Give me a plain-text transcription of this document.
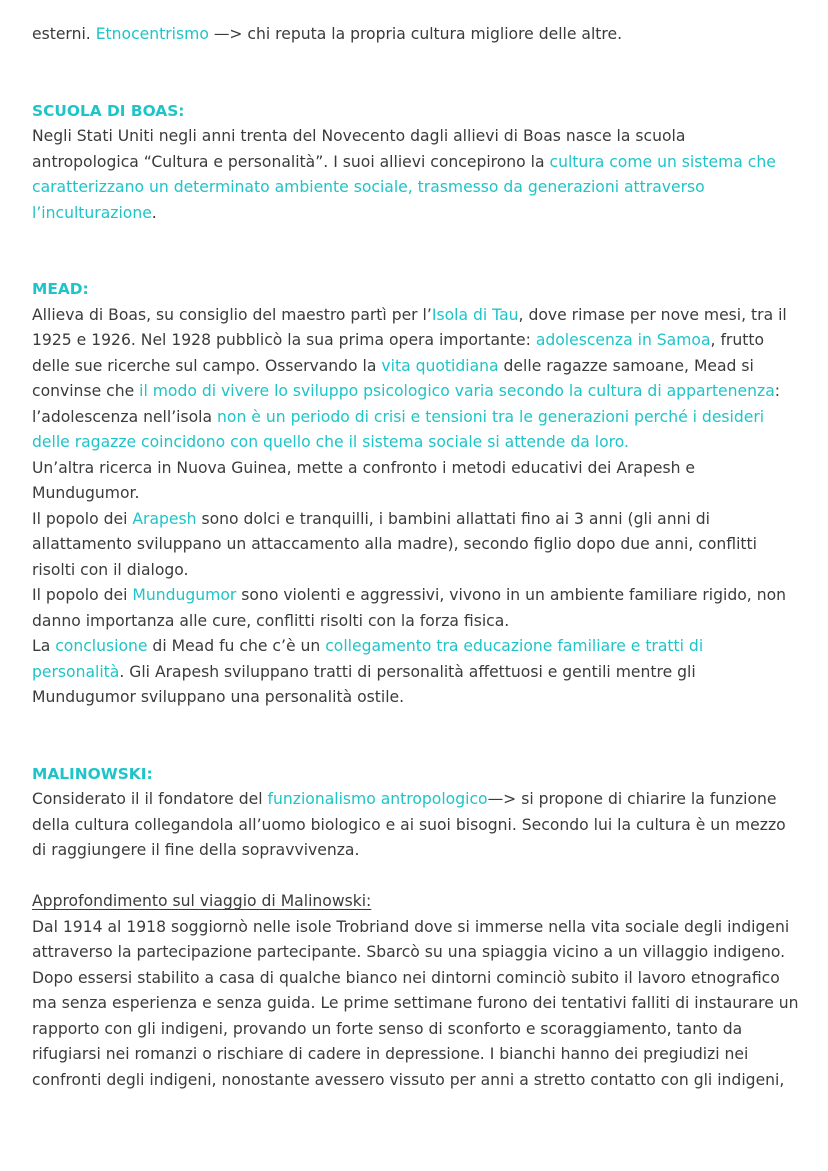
esterni. Etnocentrismo —> chi reputa la propria cultura migliore delle altre.
SCUOLA DI BOAS:
Negli Stati Uniti negli anni trenta del Novecento dagli allievi di Boas nasce la scuola
antropologica “Cultura e personalità”. I suoi allievi concepirono la cultura come un sistema che
caratterizzano un determinato ambiente sociale, trasmesso da generazioni attraverso
l’inculturazione.
MEAD:
Allieva di Boas, su consiglio del maestro partì per l’Isola di Tau, dove rimase per nove mesi, tra il
1925 e 1926. Nel 1928 pubblicò la sua prima opera importante: adolescenza in Samoa, frutto
delle sue ricerche sul campo. Osservando la vita quotidiana delle ragazze samoane, Mead si
convinse che il modo di vivere lo sviluppo psicologico varia secondo la cultura di appartenenza:
l’adolescenza nell’isola non è un periodo di crisi e tensioni tra le generazioni perché i desideri
delle ragazze coincidono con quello che il sistema sociale si attende da loro.
Un’altra ricerca in Nuova Guinea, mette a confronto i metodi educativi dei Arapesh e
Mundugumor.
Il popolo dei Arapesh sono dolci e tranquilli, i bambini allattati fino ai 3 anni (gli anni di
allattamento sviluppano un attaccamento alla madre), secondo figlio dopo due anni, conflitti
risolti con il dialogo.
Il popolo dei Mundugumor sono violenti e aggressivi, vivono in un ambiente familiare rigido, non
danno importanza alle cure, conflitti risolti con la forza fisica.
La conclusione di Mead fu che c’è un collegamento tra educazione familiare e tratti di
personalità. Gli Arapesh sviluppano tratti di personalità affettuosi e gentili mentre gli
Mundugumor sviluppano una personalità ostile.
MALINOWSKI:
Considerato il il fondatore del funzionalismo antropologico—> si propone di chiarire la funzione
della cultura collegandola all’uomo biologico e ai suoi bisogni. Secondo lui la cultura è un mezzo
di raggiungere il fine della sopravvivenza.
Approfondimento sul viaggio di Malinowski:
Dal 1914 al 1918 soggiornò nelle isole Trobriand dove si immerse nella vita sociale degli indigeni
attraverso la partecipazione partecipante. Sbarcò su una spiaggia vicino a un villaggio indigeno.
Dopo essersi stabilito a casa di qualche bianco nei dintorni cominciò subito il lavoro etnografico
ma senza esperienza e senza guida. Le prime settimane furono dei tentativi falliti di instaurare un
rapporto con gli indigeni, provando un forte senso di sconforto e scoraggiamento, tanto da
rifugiarsi nei romanzi o rischiare di cadere in depressione. I bianchi hanno dei pregiudizi nei
confronti degli indigeni, nonostante avessero vissuto per anni a stretto contatto con gli indigeni,
